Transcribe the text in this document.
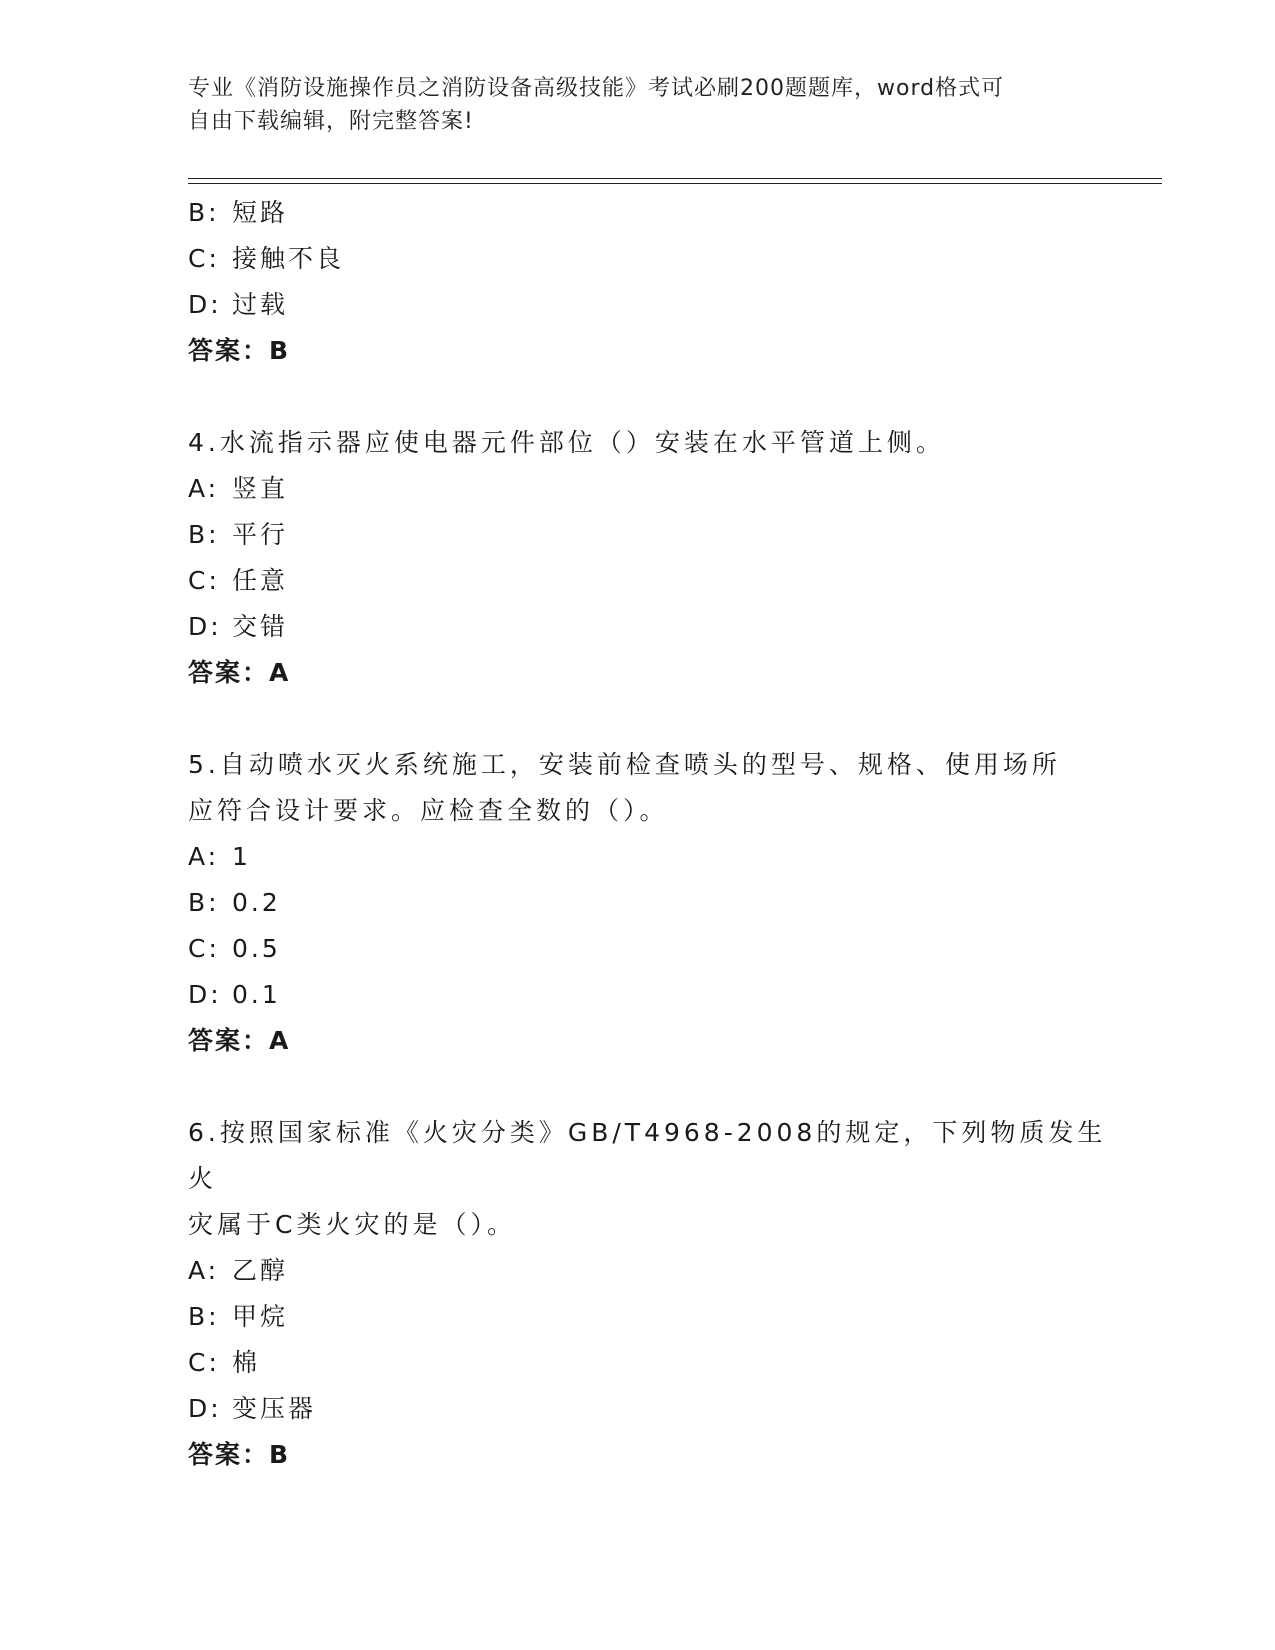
专业《消防设施操作员之消防设备高级技能》考试必刷200题题库，word格式可
自由下载编辑，附完整答案!
B: 短路
C: 接触不良
D: 过载
答案：B
4.水流指示器应使电器元件部位（）安装在水平管道上侧。
A: 竖直
B: 平行
C: 任意
D: 交错
答案：A
5.自动喷水灭火系统施工，安装前检查喷头的型号、规格、使用场所
应符合设计要求。应检查全数的（）。
A: 1
B: 0.2
C: 0.5
D: 0.1
答案：A
6.按照国家标准《火灾分类》GB/T4968-2008的规定，下列物质发生火
灾属于C类火灾的是（）。
A: 乙醇
B: 甲烷
C: 棉
D: 变压器
答案：B
